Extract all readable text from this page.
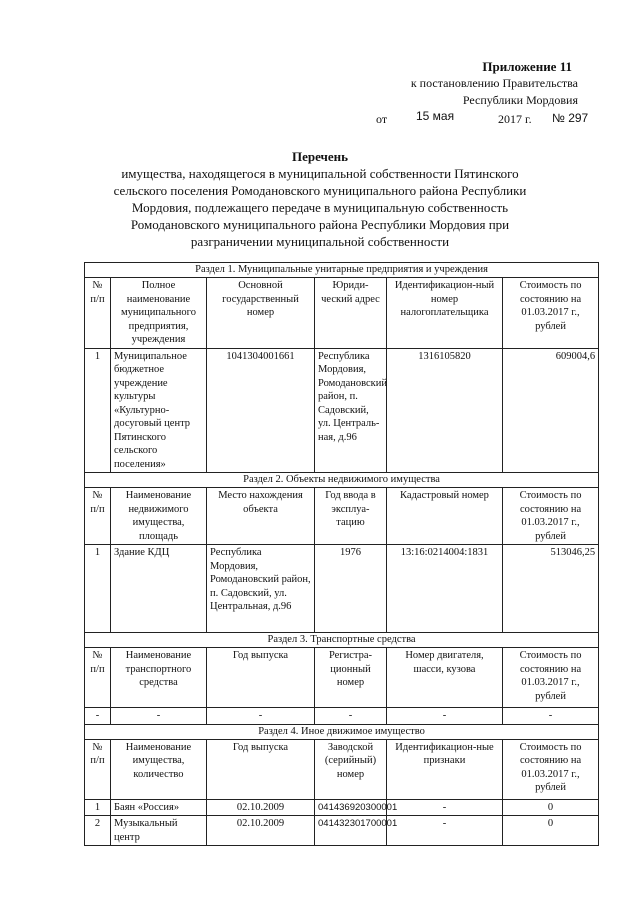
Приложение 11
к постановлению Правительства
Республики Мордовия
от 15 мая	2017 г. № 297
Перечень
имущества, находящегося в муниципальной собственности Пятинского
сельского поселения Ромодановского муниципального района Республики
Мордовия, подлежащего передаче в муниципальную собственность
Ромодановского муниципального района Республики Мордовия при
разграничении муниципальной собственности
Раздел 1. Муниципальные унитарные предприятия и учреждения					
№ п/п	Полное наименование муниципального предприятия, учреждения	Основной государственный номер	Юриди-ческий адрес	Идентификацион-ный номер налогоплательщика	Стоимость по состоянию на 01.03.2017 г., рублей
1	Муниципальное бюджетное учреждение культуры «Культурно-досуговый центр Пятинского сельского поселения»	1041304001661	Республика Мордовия, Ромодановский район, п. Садовский, ул. Централь-ная, д.96	1316105820	609004,6
Раздел 2. Объекты недвижимого имущества					
№ п/п	Наименование недвижимого имущества, площадь	Место нахождения объекта	Год ввода в эксплуа-тацию	Кадастровый номер	Стоимость по состоянию на 01.03.2017 г., рублей
1	Здание КДЦ	Республика Мордовия, Ромодановский район, п. Садовский, ул. Центральная, д.96	1976	13:16:0214004:1831	513046,25
Раздел 3. Транспортные средства					
№ п/п	Наименование транспортного средства	Год выпуска	Регистра-ционный номер	Номер двигателя, шасси, кузова	Стоимость по состоянию на 01.03.2017 г., рублей
-	-	-	-	-	-
Раздел 4. Иное движимое имущество					
№ п/п	Наименование имущества, количество	Год выпуска	Заводской (серийный) номер	Идентификацион-ные признаки	Стоимость по состоянию на 01.03.2017 г., рублей
1	Баян «Россия»	02.10.2009	041436920300001	-	0
2	Музыкальный центр	02.10.2009	041432301700001	-	0
